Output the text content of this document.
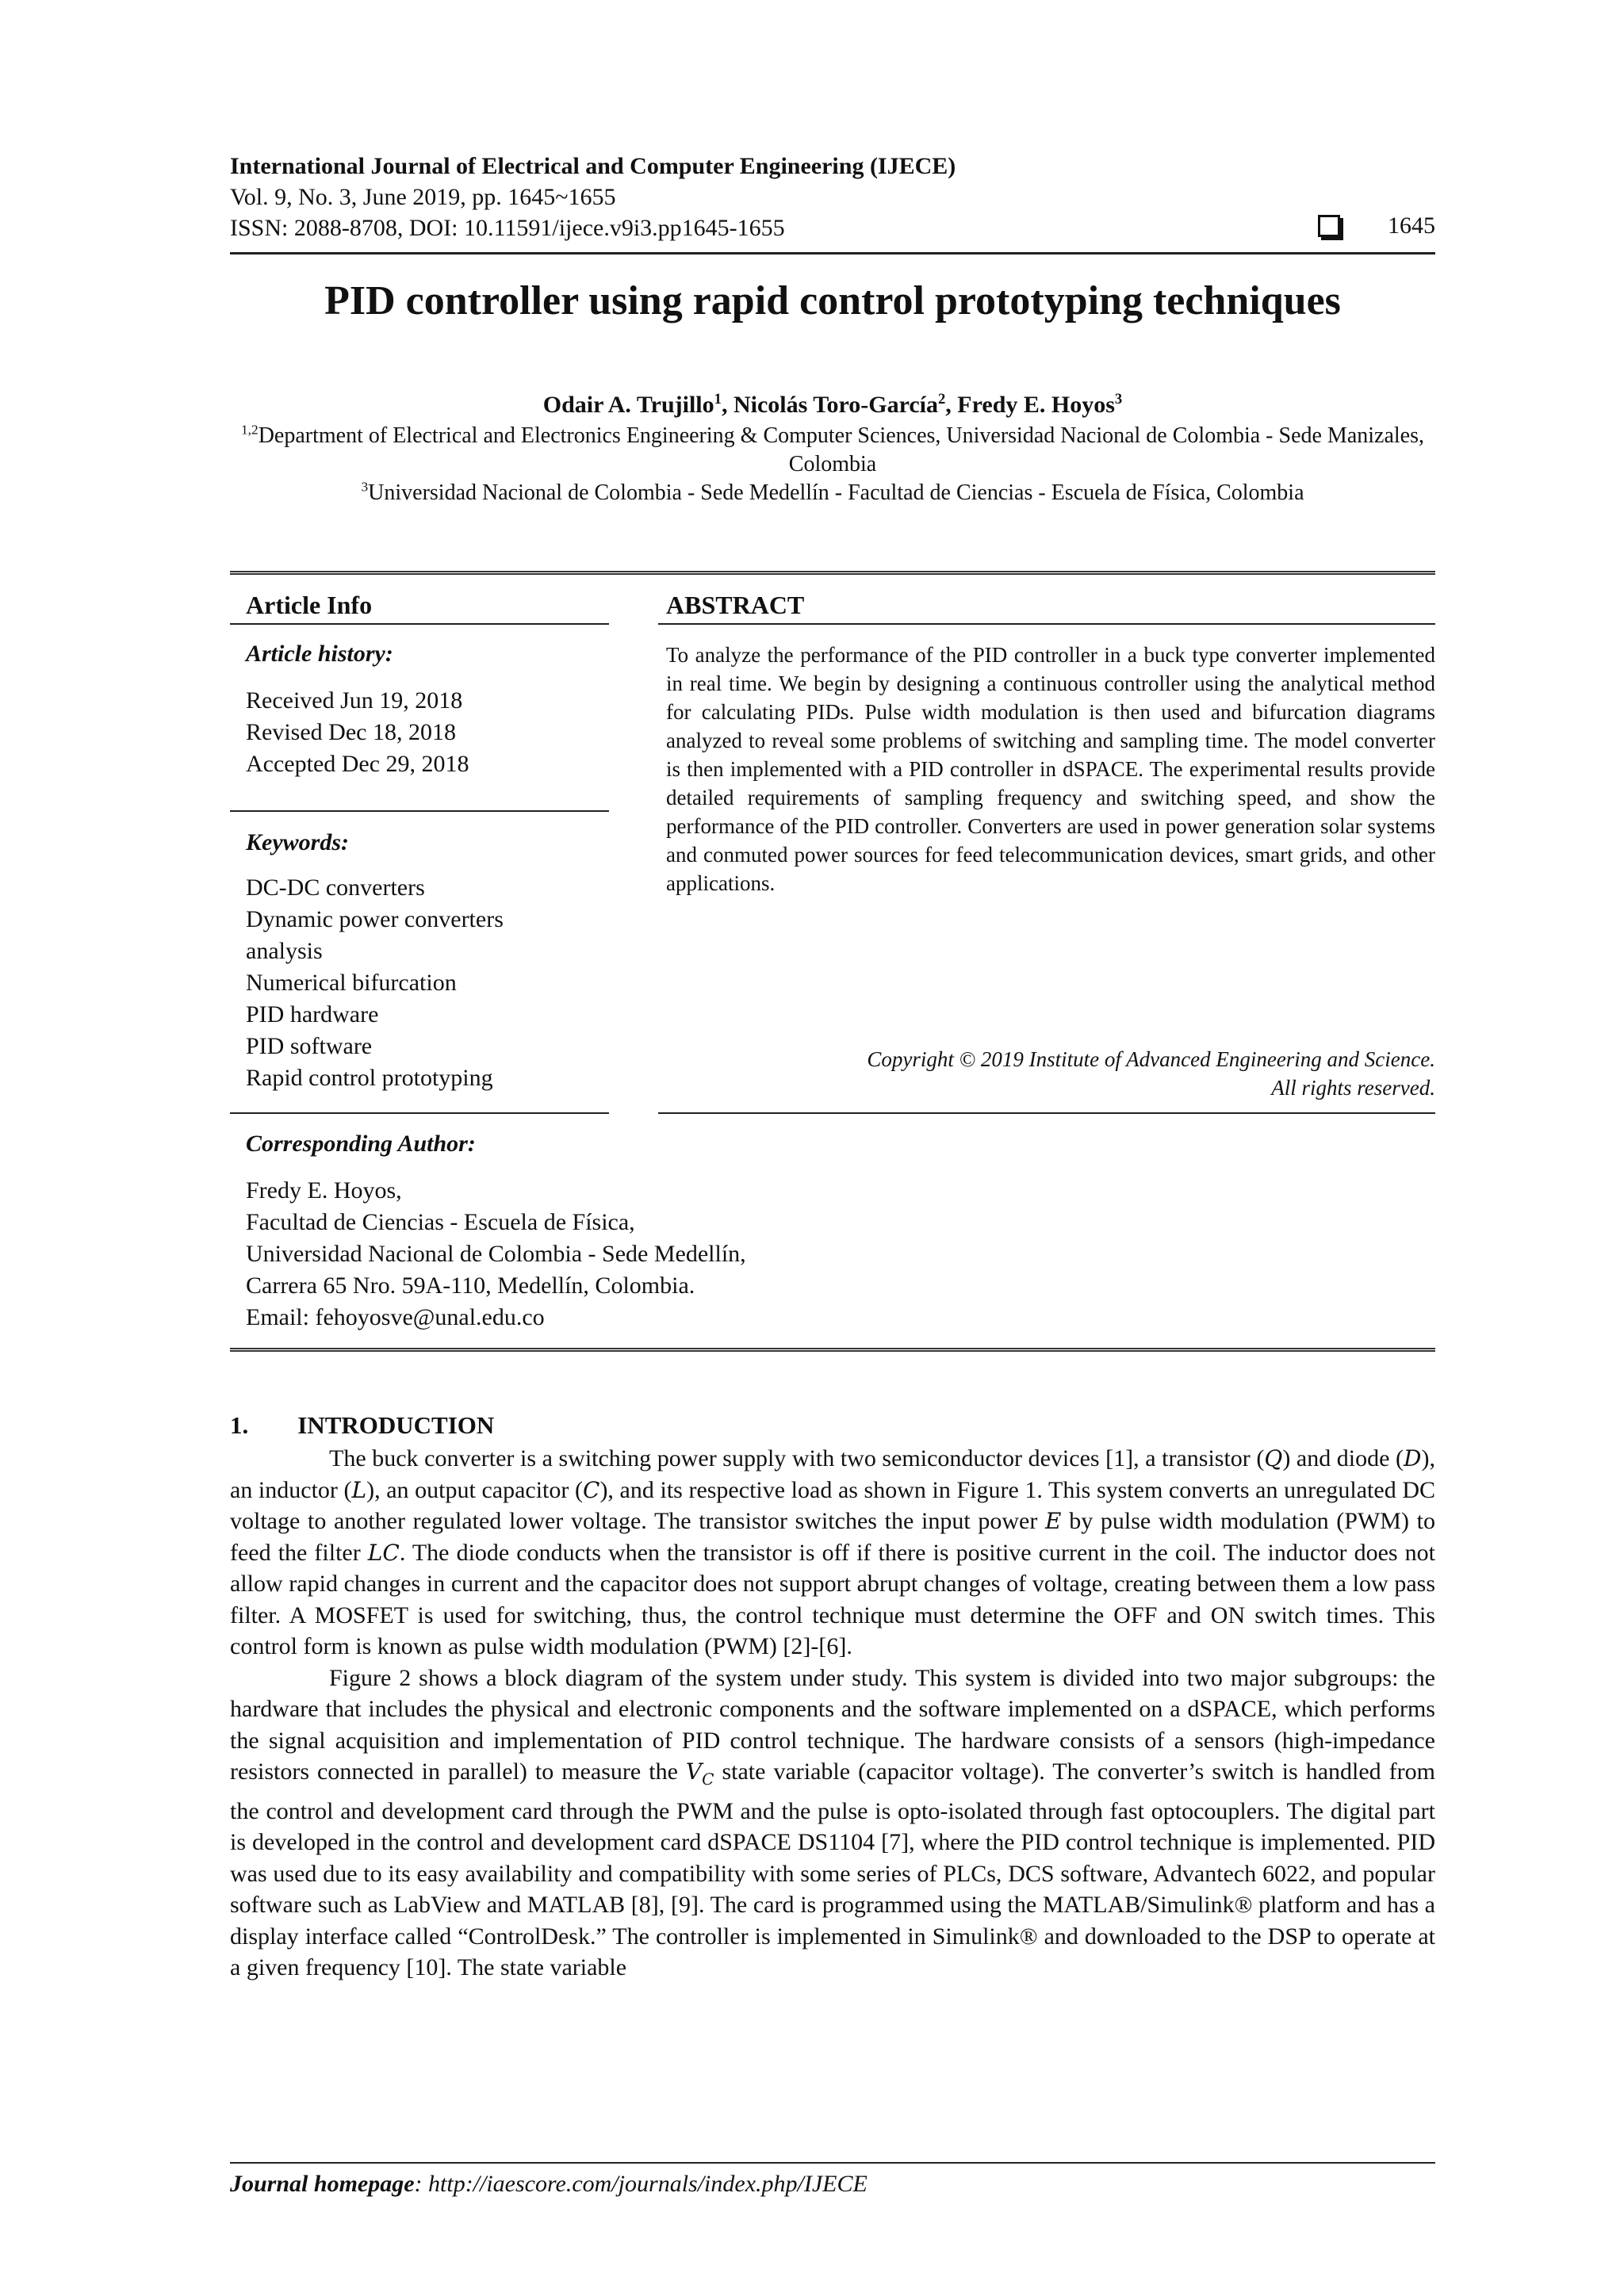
International Journal of Electrical and Computer Engineering (IJECE)
Vol. 9, No. 3, June 2019, pp. 1645~1655
ISSN: 2088-8708, DOI: 10.11591/ijece.v9i3.pp1645-1655	1645
PID controller using rapid control prototyping techniques
Odair A. Trujillo$^1$, Nicolás Toro-García$^2$, Fredy E. Hoyos$^3$
$^{1,2}$Department of Electrical and Electronics Engineering & Computer Sciences, Universidad Nacional de Colombia - Sede Manizales, Colombia
$^3$Universidad Nacional de Colombia - Sede Medellín - Facultad de Ciencias - Escuela de Física, Colombia
Article Info	ABSTRACT
Article history:
Received Jun 19, 2018
Revised Dec 18, 2018
Accepted Dec 29, 2018
Keywords:
DC-DC converters
Dynamic power converters
analysis
Numerical bifurcation
PID hardware
PID software
Rapid control prototyping
To analyze the performance of the PID controller in a buck type converter implemented in real time. We begin by designing a continuous controller using the analytical method for calculating PIDs. Pulse width modulation is then used and bifurcation diagrams analyzed to reveal some problems of switching and sampling time. The model converter is then implemented with a PID controller in dSPACE. The experimental results provide detailed requirements of sampling frequency and switching speed, and show the performance of the PID controller. Converters are used in power generation solar systems and conmuted power sources for feed telecommunication devices, smart grids, and other applications.
Copyright © 2019 Institute of Advanced Engineering and Science.
All rights reserved.
Corresponding Author:
Fredy E. Hoyos,
Facultad de Ciencias - Escuela de Física,
Universidad Nacional de Colombia - Sede Medellín,
Carrera 65 Nro. 59A-110, Medellín, Colombia.
Email: fehoyosve@unal.edu.co
1. INTRODUCTION

The buck converter is a switching power supply with two semiconductor devices [1], a transistor (Q) and diode (D), an inductor (L), an output capacitor (C), and its respective load as shown in Figure 1. This system converts an unregulated DC voltage to another regulated lower voltage. The transistor switches the input power E by pulse width modulation (PWM) to feed the filter LC. The diode conducts when the transistor is off if there is positive current in the coil. The inductor does not allow rapid changes in current and the capacitor does not support abrupt changes of voltage, creating between them a low pass filter. A MOSFET is used for switching, thus, the control technique must determine the OFF and ON switch times. This control form is known as pulse width modulation (PWM) [2]-[6].

Figure 2 shows a block diagram of the system under study. This system is divided into two major subgroups: the hardware that includes the physical and electronic components and the software implemented on a dSPACE, which performs the signal acquisition and implementation of PID control technique. The hardware consists of a sensors (high-impedance resistors connected in parallel) to measure the $V_C$ state variable (capacitor voltage). The converter’s switch is handled from the control and development card through the PWM and the pulse is opto-isolated through fast optocouplers. The digital part is developed in the control and development card dSPACE DS1104 [7], where the PID control technique is implemented. PID was used due to its easy availability and compatibility with some series of PLCs, DCS software, Advantech 6022, and popular software such as LabView and MATLAB [8], [9]. The card is programmed using the MATLAB/Simulink® platform and has a display interface called “ControlDesk.” The controller is implemented in Simulink® and downloaded to the DSP to operate at a given frequency [10]. The state variable

Journal homepage: http://iaescore.com/journals/index.php/IJECE
